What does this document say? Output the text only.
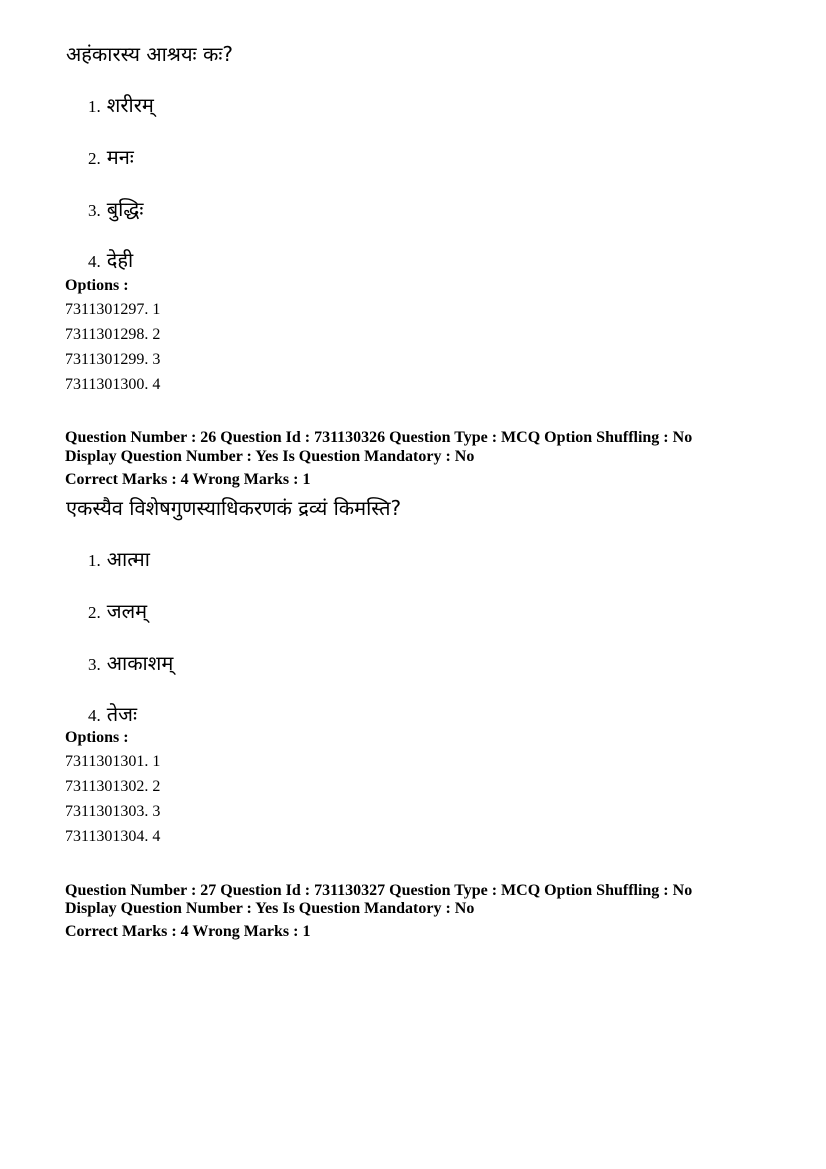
अहंकारस्य आश्रयः कः?
1. शरीरम्
2. मनः
3. बुद्धिः
4. देही
Options :
7311301297. 1
7311301298. 2
7311301299. 3
7311301300. 4
Question Number : 26 Question Id : 731130326 Question Type : MCQ Option Shuffling : No
Display Question Number : Yes Is Question Mandatory : No
Correct Marks : 4 Wrong Marks : 1
एकस्यैव विशेषगुणस्याधिकरणकं द्रव्यं किमस्ति?
1. आत्मा
2. जलम्
3. आकाशम्
4. तेजः
Options :
7311301301. 1
7311301302. 2
7311301303. 3
7311301304. 4
Question Number : 27 Question Id : 731130327 Question Type : MCQ Option Shuffling : No
Display Question Number : Yes Is Question Mandatory : No
Correct Marks : 4 Wrong Marks : 1
